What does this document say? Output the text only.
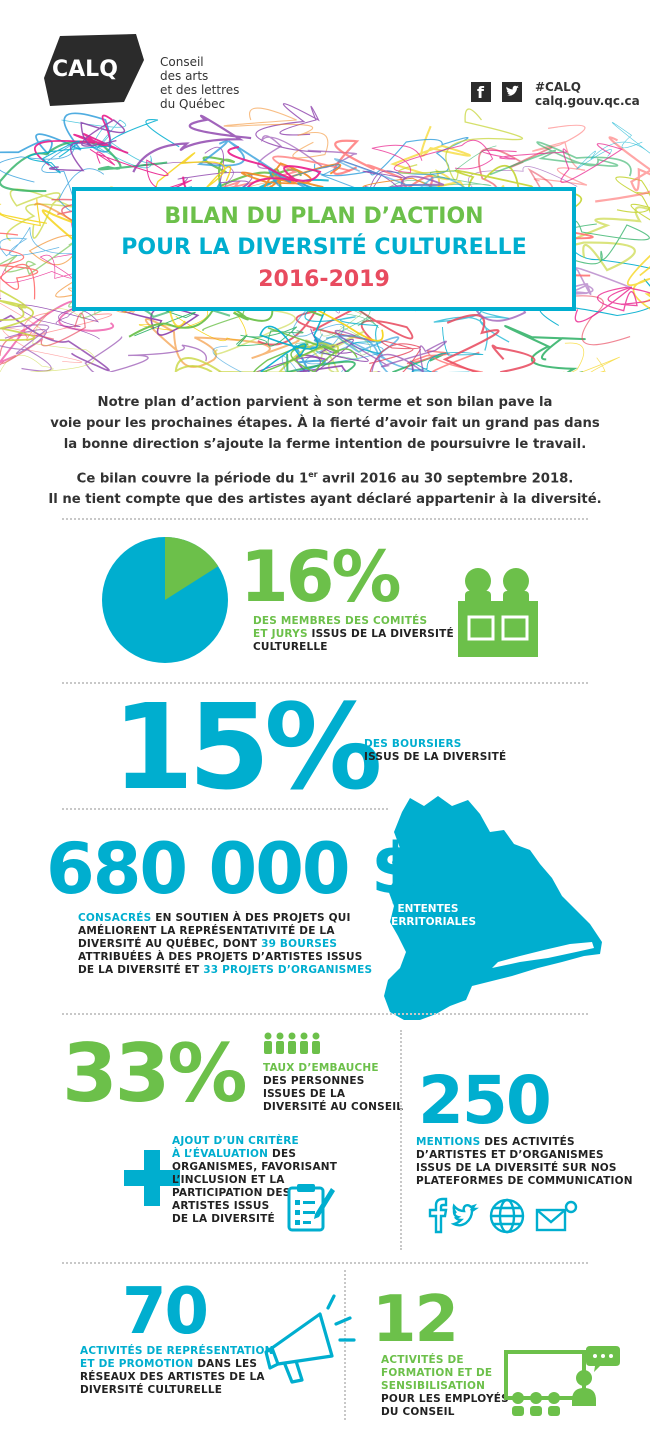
CALQ	Conseil
des arts
et des lettres
du Québec
f	#CALQ
calq.gouv.qc.ca
BILAN DU PLAN D’ACTION
POUR LA DIVERSITÉ CULTURELLE
2016-2019
Notre plan d’action parvient à son terme et son bilan pave la
voie pour les prochaines étapes. À la fierté d’avoir fait un grand pas dans
la bonne direction s’ajoute la ferme intention de poursuivre le travail.
Ce bilan couvre la période du 1er avril 2016 au 30 septembre 2018.
Il ne tient compte que des artistes ayant déclaré appartenir à la diversité.
16%
DES MEMBRES DES COMITÉS
ET JURYS ISSUS DE LA DIVERSITÉ
CULTURELLE
15%
DES BOURSIERS
ISSUS DE LA DIVERSITÉ
ENTENTES
TERRITORIALES
680 000 $
CONSACRÉS EN SOUTIEN À DES PROJETS QUI
AMÉLIORENT LA REPRÉSENTATIVITÉ DE LA
DIVERSITÉ AU QUÉBEC, DONT 39 BOURSES
ATTRIBUÉES À DES PROJETS D’ARTISTES ISSUS
DE LA DIVERSITÉ ET 33 PROJETS D’ORGANISMES
33% TAUX D’EMBAUCHE
DES PERSONNES
ISSUES DE LA
DIVERSITÉ AU CONSEIL
AJOUT D’UN CRITÈRE
À L’ÉVALUATION DES
ORGANISMES, FAVORISANT
L’INCLUSION ET LA
PARTICIPATION DES
ARTISTES ISSUS
DE LA DIVERSITÉ
250
MENTIONS DES ACTIVITÉS
D’ARTISTES ET D’ORGANISMES
ISSUS DE LA DIVERSITÉ SUR NOS
PLATEFORMES DE COMMUNICATION
70
ACTIVITÉS DE REPRÉSENTATION
ET DE PROMOTION DANS LES
RÉSEAUX DES ARTISTES DE LA
DIVERSITÉ CULTURELLE
12
ACTIVITÉS DE
FORMATION ET DE
SENSIBILISATION
POUR LES EMPLOYÉS
DU CONSEIL
